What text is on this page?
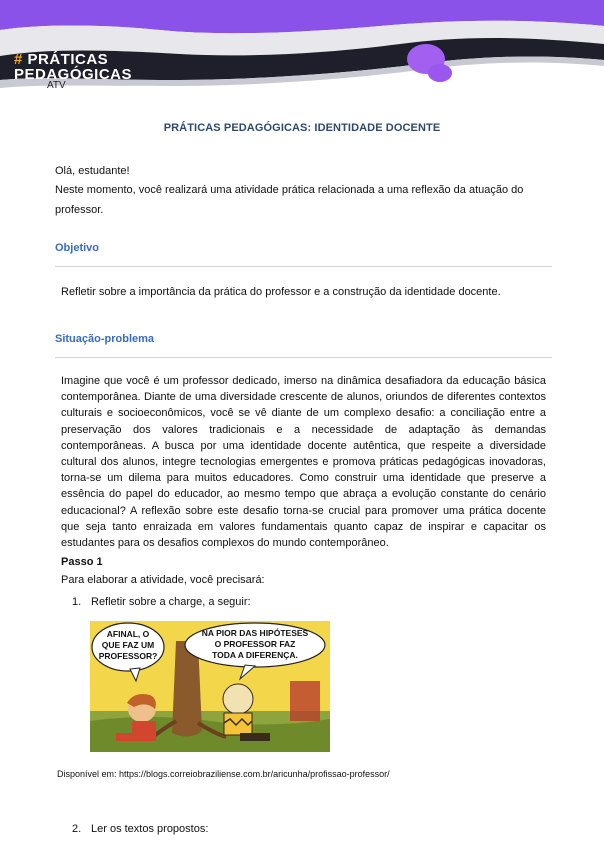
# PRÁTICAS
PEDAGÓGICAS
ATV
PRÁTICAS PEDAGÓGICAS: IDENTIDADE DOCENTE
Olá, estudante!
Neste momento, você realizará uma atividade prática relacionada a uma reflexão da atuação do
professor.
Objetivo
Refletir sobre a importância da prática do professor e a construção da identidade docente.
Situação-problema
Imagine que você é um professor dedicado, imerso na dinâmica desafiadora da educação básica contemporânea. Diante de uma diversidade crescente de alunos, oriundos de diferentes contextos culturais e socioeconômicos, você se vê diante de um complexo desafio: a conciliação entre a preservação dos valores tradicionais e a necessidade de adaptação às demandas contemporâneas. A busca por uma identidade docente autêntica, que respeite a diversidade cultural dos alunos, integre tecnologias emergentes e promova práticas pedagógicas inovadoras, torna-se um dilema para muitos educadores. Como construir uma identidade que preserve a essência do papel do educador, ao mesmo tempo que abraça a evolução constante do cenário educacional? A reflexão sobre este desafio torna-se crucial para promover uma prática docente que seja tanto enraizada em valores fundamentais quanto capaz de inspirar e capacitar os estudantes para os desafios complexos do mundo contemporâneo.
Passo 1
Para elaborar a atividade, você precisará:
1. Refletir sobre a charge, a seguir:
AFINAL, O
QUE FAZ UM
PROFESSOR?
NA PIOR DAS HIPÓTESES
O PROFESSOR FAZ
TODA A DIFERENÇA.
Disponível em: https://blogs.correiobraziliense.com.br/aricunha/profissao-professor/
2. Ler os textos propostos:
